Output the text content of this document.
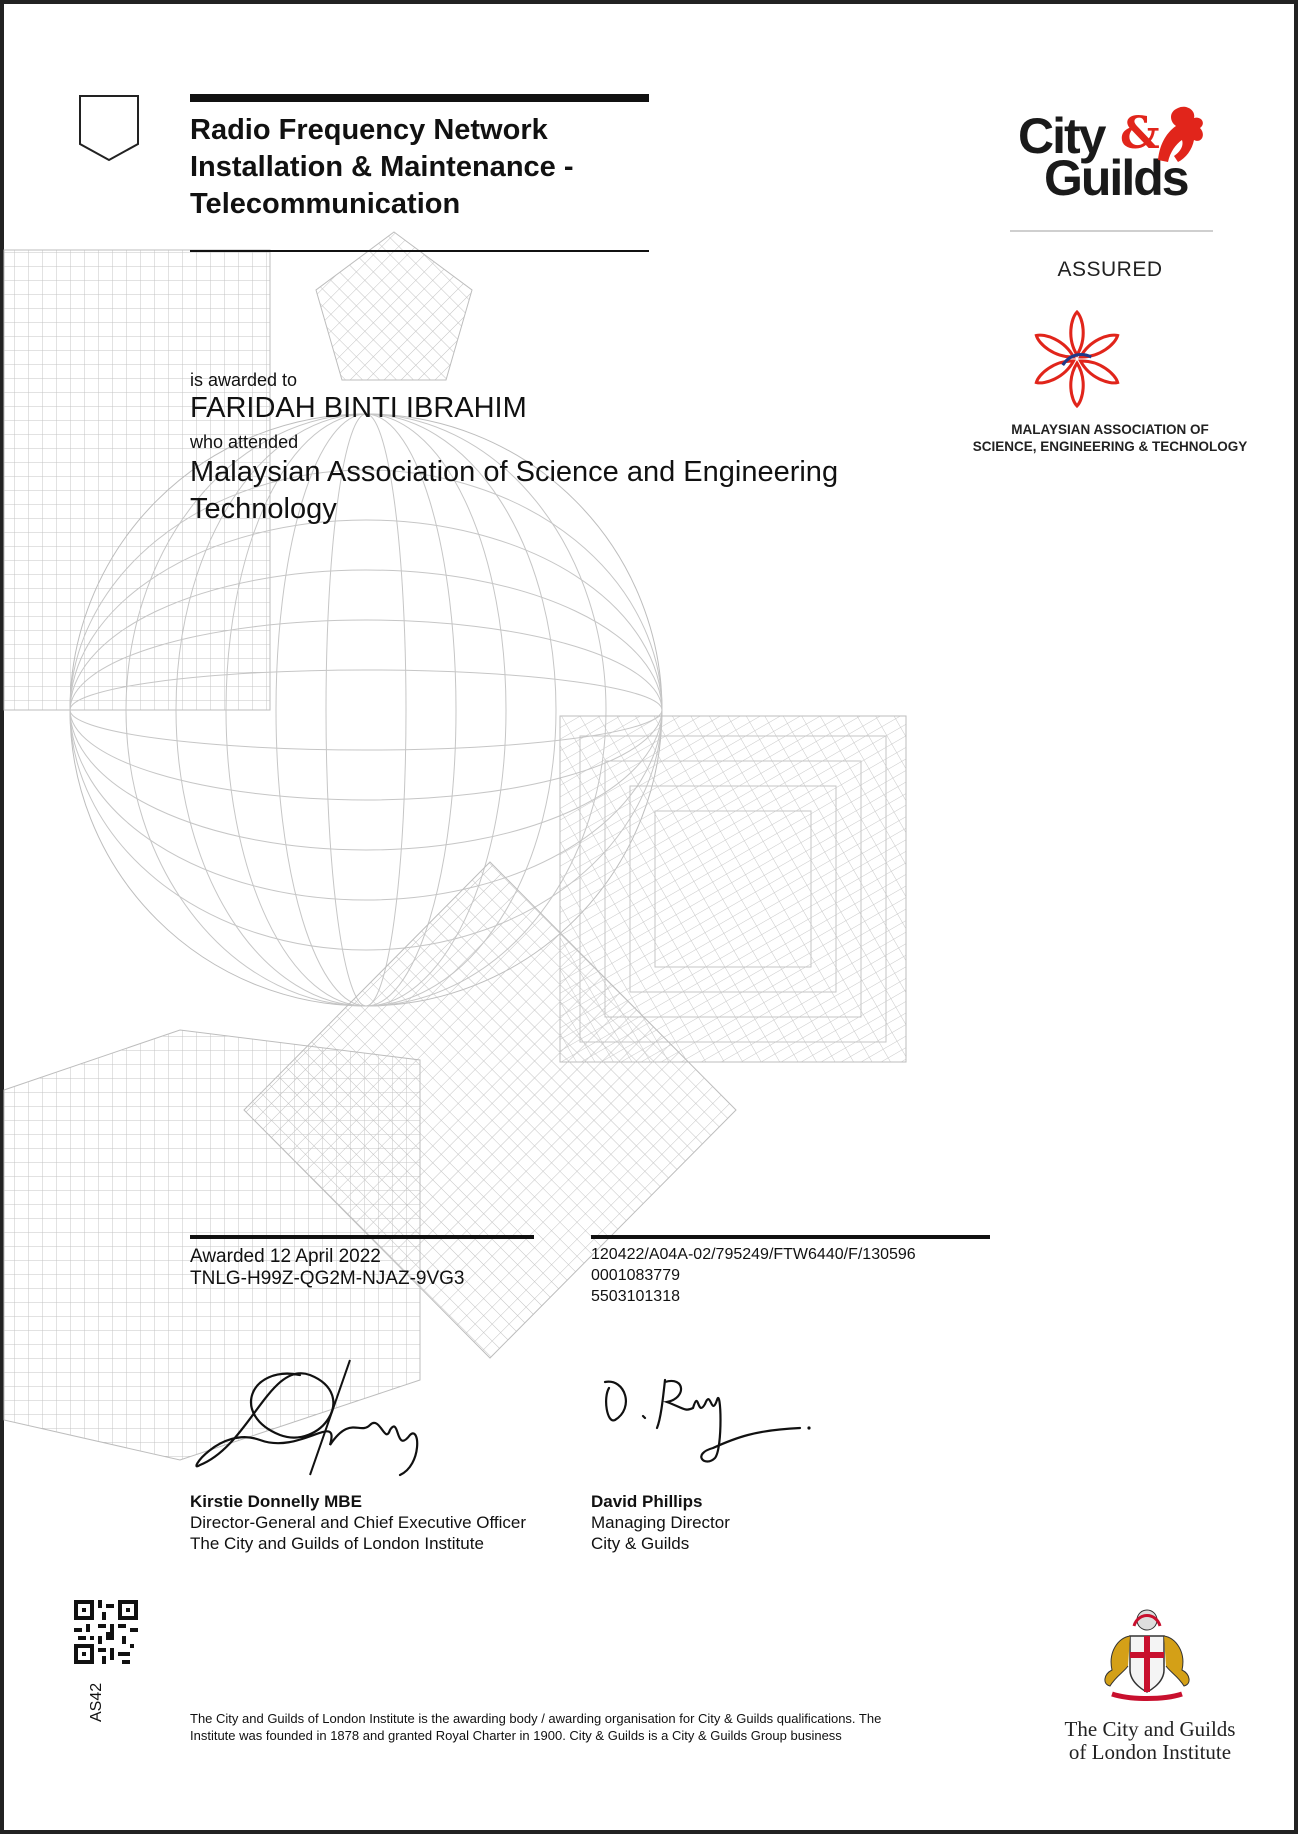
Radio Frequency Network
Installation & Maintenance -
Telecommunication
is awarded to
FARIDAH BINTI IBRAHIM
who attended
Malaysian Association of Science and Engineering
Technology
Awarded 12 April 2022
TNLG-H99Z-QG2M-NJAZ-9VG3
120422/A04A-02/795249/FTW6440/F/130596
0001083779
5503101318
Kirstie Donnelly MBE
Director-General and Chief Executive Officer
The City and Guilds of London Institute
David Phillips
Managing Director
City & Guilds
City &
Guilds
ASSURED
MALAYSIAN ASSOCIATION OF
SCIENCE, ENGINEERING & TECHNOLOGY
AS42	The City and Guilds of London Institute is the awarding body / awarding organisation for City & Guilds qualifications. The
Institute was founded in 1878 and granted Royal Charter in 1900. City & Guilds is a City & Guilds Group business	The City and Guilds
of London Institute
